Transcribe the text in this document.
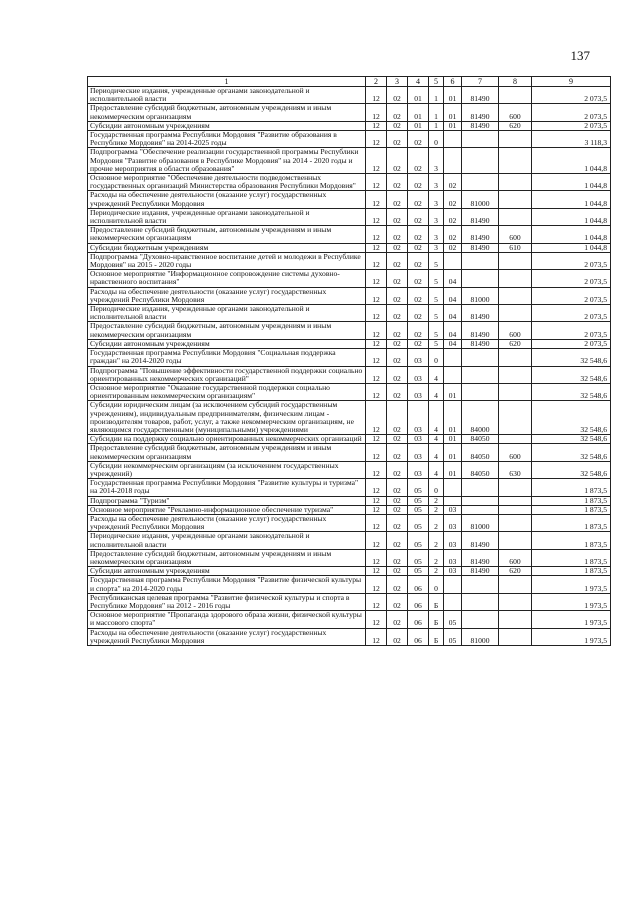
137
1	2	3	4	5	6	7	8	9
Периодические издания, учрежденные органами законодательной и исполнительной власти	12	02	01	1	01	81490		2 073,5
Предоставление субсидий бюджетным, автономным учреждениям и иным некоммерческим организациям	12	02	01	1	01	81490	600	2 073,5
Субсидии автономным учреждениям	12	02	01	1	01	81490	620	2 073,5
Государственная программа Республики Мордовия "Развитие образования в Республике Мордовия" на 2014-2025 годы	12	02	02	0				3 118,3
Подпрограмма "Обеспечение реализации государственной программы Республики Мордовия "Развитие образования в Республике Мордовия" на 2014 - 2020 годы и прочие мероприятия в области образования"	12	02	02	3				1 044,8
Основное мероприятие "Обеспечение деятельности подведомственных государственных организаций Министерства образования Республики Мордовия"	12	02	02	3	02			1 044,8
Расходы на обеспечение деятельности (оказание услуг) государственных учреждений Республики Мордовия	12	02	02	3	02	81000		1 044,8
Периодические издания, учрежденные органами законодательной и исполнительной власти	12	02	02	3	02	81490		1 044,8
Предоставление субсидий бюджетным, автономным учреждениям и иным некоммерческим организациям	12	02	02	3	02	81490	600	1 044,8
Субсидии бюджетным учреждениям	12	02	02	3	02	81490	610	1 044,8
Подпрограмма "Духовно-нравственное воспитание детей и молодежи в Республике Мордовия" на 2015 - 2020 годы	12	02	02	5				2 073,5
Основное мероприятие "Информационное сопровождение системы духовно-нравственного воспитания"	12	02	02	5	04			2 073,5
Расходы на обеспечение деятельности (оказание услуг) государственных учреждений Республики Мордовия	12	02	02	5	04	81000		2 073,5
Периодические издания, учрежденные органами законодательной и исполнительной власти	12	02	02	5	04	81490		2 073,5
Предоставление субсидий бюджетным, автономным учреждениям и иным некоммерческим организациям	12	02	02	5	04	81490	600	2 073,5
Субсидии автономным учреждениям	12	02	02	5	04	81490	620	2 073,5
Государственная программа Республики Мордовия "Социальная поддержка граждан" на 2014-2020 годы	12	02	03	0				32 548,6
Подпрограмма "Повышение эффективности государственной поддержки социально ориентированных некоммерческих организаций"	12	02	03	4				32 548,6
Основное мероприятие "Оказание государственной поддержки социально ориентированным некоммерческим организациям"	12	02	03	4	01			32 548,6
Субсидии юридическим лицам (за исключением субсидий государственным учреждениям), индивидуальным предпринимателям, физическим лицам - производителям товаров, работ, услуг, а также некоммерческим организациям, не являющимся государственными (муниципальными) учреждениями	12	02	03	4	01	84000		32 548,6
Субсидии на поддержку социально ориентированных некоммерческих организаций	12	02	03	4	01	84050		32 548,6
Предоставление субсидий бюджетным, автономным учреждениям и иным некоммерческим организациям	12	02	03	4	01	84050	600	32 548,6
Субсидии некоммерческим организациям (за исключением государственных учреждений)	12	02	03	4	01	84050	630	32 548,6
Государственная программа Республики Мордовия "Развитие культуры и туризма" на 2014-2018 годы	12	02	05	0				1 873,5
Подпрограмма "Туризм"	12	02	05	2				1 873,5
Основное мероприятие "Рекламно-информационное обеспечение туризма"	12	02	05	2	03			1 873,5
Расходы на обеспечение деятельности (оказание услуг) государственных учреждений Республики Мордовия	12	02	05	2	03	81000		1 873,5
Периодические издания, учрежденные органами законодательной и исполнительной власти	12	02	05	2	03	81490		1 873,5
Предоставление субсидий бюджетным, автономным учреждениям и иным некоммерческим организациям	12	02	05	2	03	81490	600	1 873,5
Субсидии автономным учреждениям	12	02	05	2	03	81490	620	1 873,5
Государственная программа Республики Мордовия "Развитие физической культуры и спорта" на 2014-2020 годы	12	02	06	0				1 973,5
Республиканская целевая программа "Развитие физической культуры и спорта в Республике Мордовия" на 2012 - 2016 годы	12	02	06	Б				1 973,5
Основное мероприятие "Пропаганда здорового образа жизни, физической культуры и массового спорта"	12	02	06	Б	05			1 973,5
Расходы на обеспечение деятельности (оказание услуг) государственных учреждений Республики Мордовия	12	02	06	Б	05	81000		1 973,5
